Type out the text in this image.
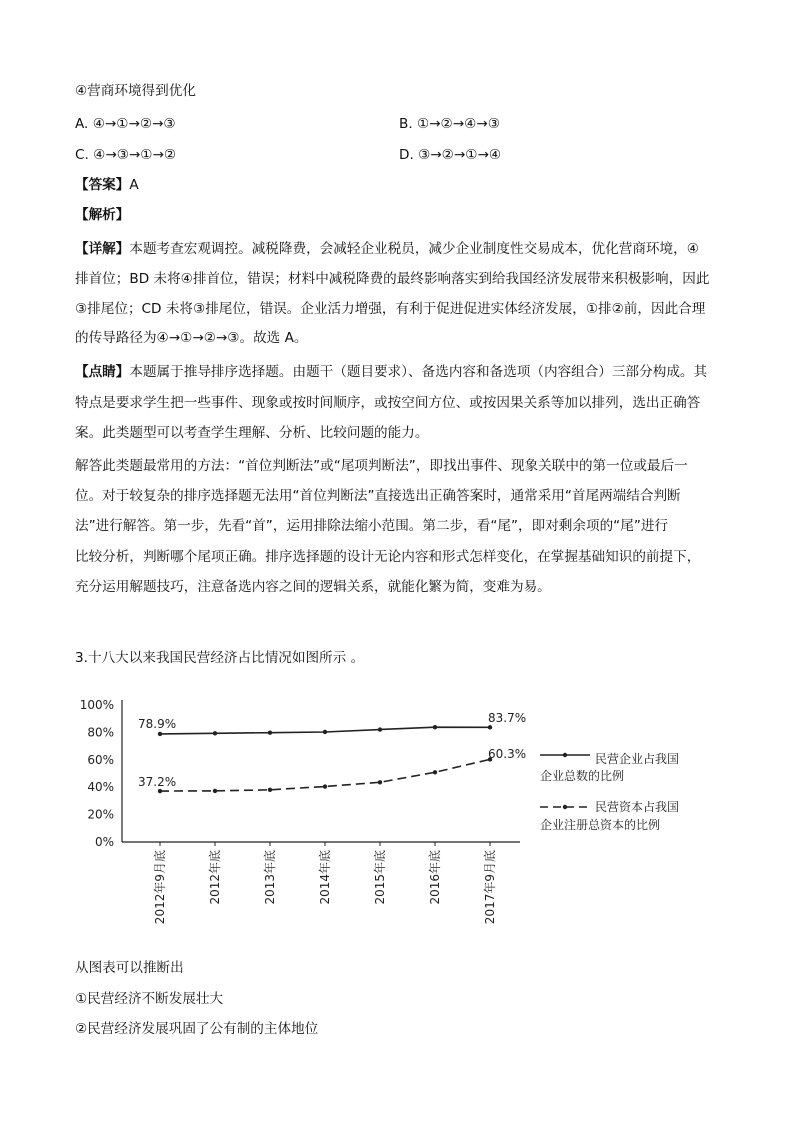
④营商环境得到优化
A. ④→①→②→③	B. ①→②→④→③
C. ④→③→①→②	D. ③→②→①→④
【答案】A
【解析】
【详解】本题考查宏观调控。减税降费，会减轻企业税员，减少企业制度性交易成本，优化营商环境，④
排首位；BD 未将④排首位，错误；材料中减税降费的最终影响落实到给我国经济发展带来积极影响，因此
③排尾位；CD 未将③排尾位，错误。企业活力增强，有利于促进促进实体经济发展，①排②前，因此合理
的传导路径为④→①→②→③。故选 A。
【点睛】本题属于推导排序选择题。由题干（题目要求）、备选内容和备选项（内容组合）三部分构成。其
特点是要求学生把一些事件、现象或按时间顺序，或按空间方位、或按因果关系等加以排列，选出正确答
案。此类题型可以考查学生理解、分析、比较问题的能力。
解答此类题最常用的方法：“首位判断法”或“尾项判断法”，即找出事件、现象关联中的第一位或最后一
位。对于较复杂的排序选择题无法用“首位判断法”直接选出正确答案时，通常采用“首尾两端结合判断
法”进行解答。第一步，先看“首”，运用排除法缩小范围。第二步，看“尾”，即对剩余项的“尾”进行
比较分析，判断哪个尾项正确。排序选择题的设计无论内容和形式怎样变化，在掌握基础知识的前提下，
充分运用解题技巧，注意备选内容之间的逻辑关系，就能化繁为简，变难为易。
3.十八大以来我国民营经济占比情况如图所示 。
100%
80%
60%
40%
20%
0%
2012年9月底	2012年底	2013年底	2014年底	2015年底	2016年底	2017年9月底
78.9%
37.2%
83.7%
60.3%	民营企业占我国
企业总数的比例
民营资本占我国
企业注册总资本的比例
从图表可以推断出
①民营经济不断发展壮大
②民营经济发展巩固了公有制的主体地位
